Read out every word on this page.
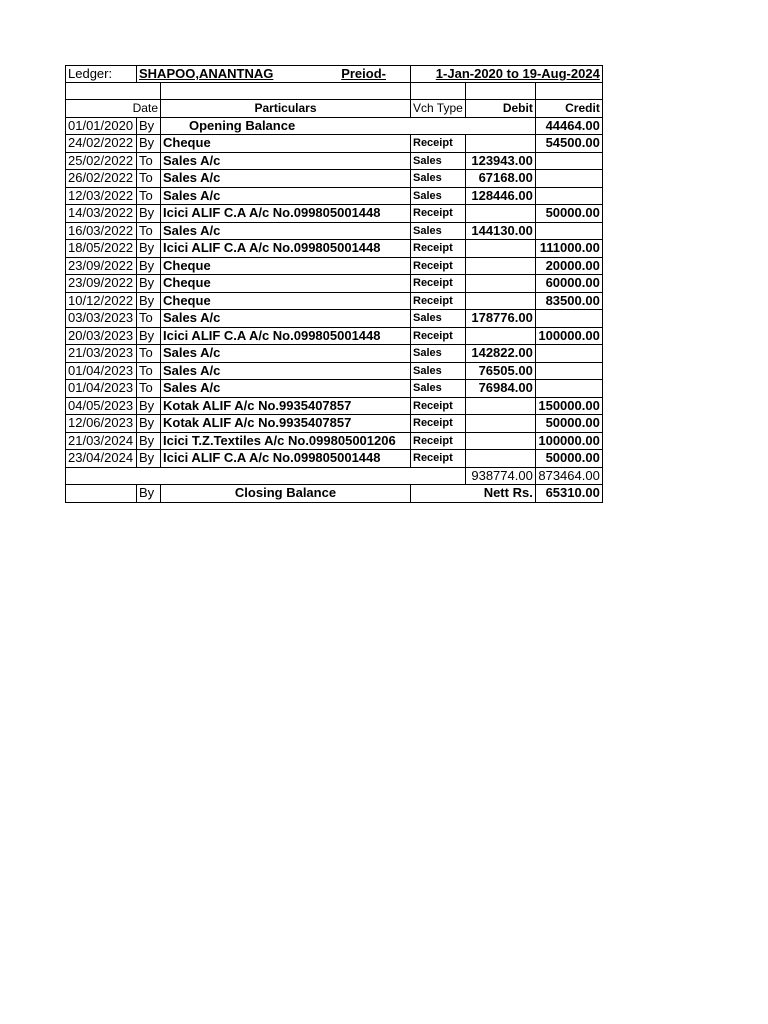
Ledger:	SHAPOO,ANANTNAG Preiod-		1-Jan-2020 to 19-Aug-2024		

Date		Particulars	Vch Type	Debit	Credit
01/01/2020	By	Opening Balance			44464.00
24/02/2022	By	Cheque	Receipt		54500.00
25/02/2022	To	Sales A/c	Sales	123943.00	
26/02/2022	To	Sales A/c	Sales	67168.00	
12/03/2022	To	Sales A/c	Sales	128446.00	
14/03/2022	By	Icici ALIF C.A A/c No.099805001448	Receipt		50000.00
16/03/2022	To	Sales A/c	Sales	144130.00	
18/05/2022	By	Icici ALIF C.A A/c No.099805001448	Receipt		111000.00
23/09/2022	By	Cheque	Receipt		20000.00
23/09/2022	By	Cheque	Receipt		60000.00
10/12/2022	By	Cheque	Receipt		83500.00
03/03/2023	To	Sales A/c	Sales	178776.00	
20/03/2023	By	Icici ALIF C.A A/c No.099805001448	Receipt		100000.00
21/03/2023	To	Sales A/c	Sales	142822.00	
01/04/2023	To	Sales A/c	Sales	76505.00	
01/04/2023	To	Sales A/c	Sales	76984.00	
04/05/2023	By	Kotak ALIF A/c No.9935407857	Receipt		150000.00
12/06/2023	By	Kotak ALIF A/c No.9935407857	Receipt		50000.00
21/03/2024	By	Icici T.Z.Textiles A/c No.099805001206	Receipt		100000.00
23/04/2024	By	Icici ALIF C.A A/c No.099805001448	Receipt		50000.00
				938774.00	873464.00
	By	Closing Balance	Nett Rs.		65310.00
